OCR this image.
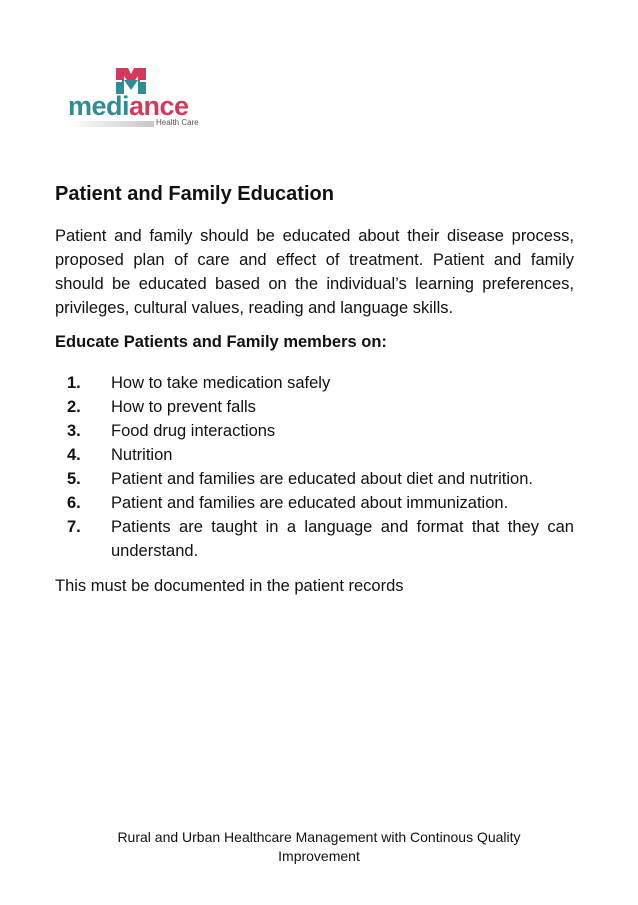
mediance
Health Care
Patient and Family Education

Patient and family should be educated about their disease process, proposed plan of care and effect of treatment. Patient and family should be educated based on the individual’s learning preferences, privileges, cultural values, reading and language skills.

Educate Patients and Family members on:

1.	How to take medication safely
2.	How to prevent falls
3.	Food drug interactions
4.	Nutrition
5.	Patient and families are educated about diet and nutrition.
6.	Patient and families are educated about immunization.
7.	Patients are taught in a language and format that they can understand.

This must be documented in the patient records

Rural and Urban Healthcare Management with Continous Quality Improvement
